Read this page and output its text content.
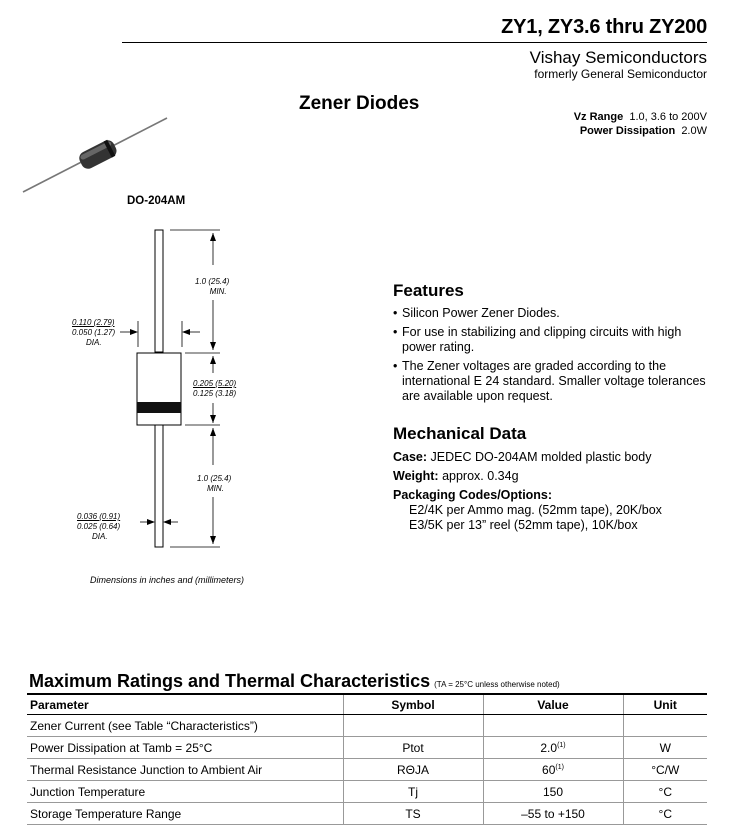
ZY1, ZY3.6 thru ZY200
Vishay Semiconductors
formerly General Semiconductor
Zener Diodes
Vz Range 1.0, 3.6 to 200V
Power Dissipation 2.0W
DO-204AM
1.0 (25.4)
MIN.
0.110 (2.79)
0.050 (1.27)
DIA.
0.205 (5.20)
0.125 (3.18)
1.0 (25.4)
MIN.
0.036 (0.91)
0.025 (0.64)
DIA.
Dimensions in inches and (millimeters)
Features
• Silicon Power Zener Diodes.
• For use in stabilizing and clipping circuits with high power rating.
• The Zener voltages are graded according to the international E 24 standard. Smaller voltage tolerances are available upon request.
Mechanical Data
Case: JEDEC DO-204AM molded plastic body
Weight: approx. 0.34g
Packaging Codes/Options:
E2/4K per Ammo mag. (52mm tape), 20K/box
E3/5K per 13” reel (52mm tape), 10K/box
Maximum Ratings and Thermal Characteristics (TA = 25°C unless otherwise noted)
Parameter	Symbol	Value	Unit
Zener Current (see Table “Characteristics”)			
Power Dissipation at Tamb = 25°C	Ptot	2.0$^{(1)}$	W
Thermal Resistance Junction to Ambient Air	RΘJA	60$^{(1)}$	°C/W
Junction Temperature	Tj	150	°C
Storage Temperature Range	TS	–55 to +150	°C
